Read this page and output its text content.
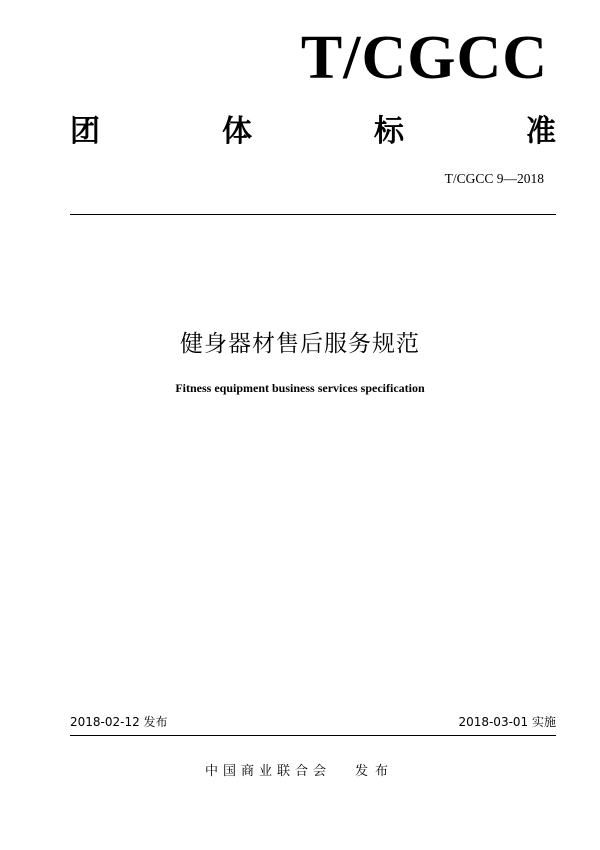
T/CGCC
团	体	标	准
T/CGCC 9—2018
健身器材售后服务规范
Fitness equipment business services specification
2018-02-12 发布	2018-03-01 实施
中国商业联合会 发布
